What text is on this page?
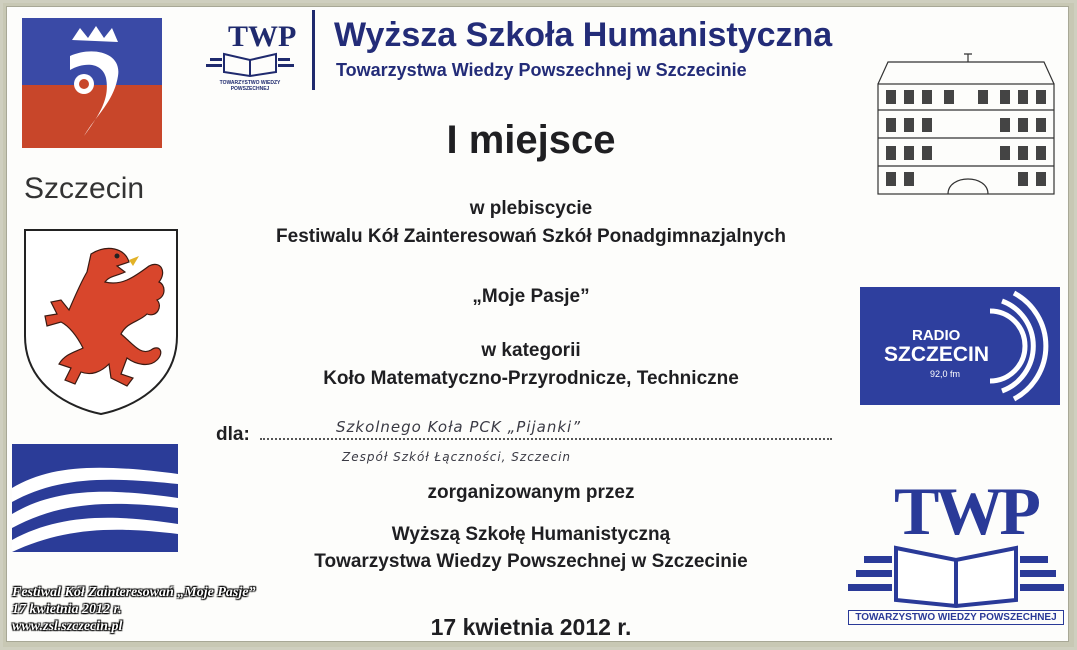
Szczecin
TWP
TOWARZYSTWO WIEDZY POWSZECHNEJ
Wyższa Szkoła Humanistyczna
Towarzystwa Wiedzy Powszechnej w Szczecinie
RADIO
SZCZECIN
92,0 fm
TWP
TOWARZYSTWO WIEDZY POWSZECHNEJ
I miejsce
w plebiscycie
Festiwalu Kół Zainteresowań Szkół Ponadgimnazjalnych
„Moje Pasje”
w kategorii
Koło Matematyczno-Przyrodnicze, Techniczne
dla:	Szkolnego Koła PCK „Pijanki”
Zespół Szkół Łączności, Szczecin
zorganizowanym przez
Wyższą Szkołę Humanistyczną
Towarzystwa Wiedzy Powszechnej w Szczecinie
17 kwietnia 2012 r.
Festiwal Kół Zainteresowań „Moje Pasje”
17 kwietnia 2012 r.
www.zsl.szczecin.pl
